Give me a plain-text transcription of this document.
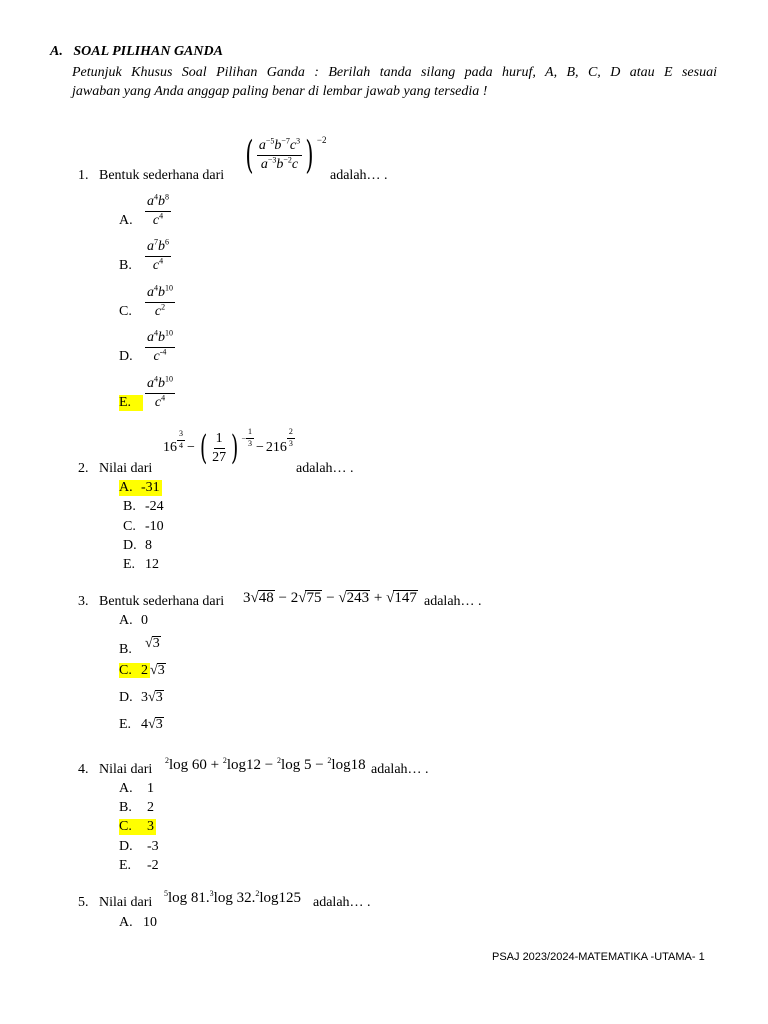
A. SOAL PILIHAN GANDA
Petunjuk Khusus Soal Pilihan Ganda : Berilah tanda silang pada huruf, A, B, C, D atau E sesuai
jawaban yang Anda anggap paling benar di lembar jawab yang tersedia !
1. Bentuk sederhana dari ( $\frac{a^{-5}b^{-7}c^3}{a^{-3}b^{-2}c}$ ) −2
adalah… .
A. $\frac{a^4b^8}{c^4}$
B. $\frac{a^7b^6}{c^4}$
C. $\frac{a^4b^{10}}{c^2}$
D. $\frac{a^4b^{10}}{c^{-4}}$
E. $\frac{a^4b^{10}}{c^4}$
2. Nilai dari
$16 \frac{3}{4}$ − ( $\frac{1}{27}$ ) − $\frac{1}{3} - 216 \frac{2}{3}$
adalah… .
A. -31
B. -24
C. -10
D. 8
E. 12
3. Bentuk sederhana dari 3√48 − 2√75 − √243 + √147 adalah… .
A. 0
B. √3
C. 2 √3
D. 3√3
E. 4√3
4. Nilai dari
$^2$log 60 + $^2$log12 − $^2$log 5 − $^2$log18 adalah… .
A. 1
B. 2
C. 3
D. -3
E. -2
5. Nilai dari
$^5$log 81.$^3$log 32.$^2$log125 adalah… .
A. 10
PSAJ 2023/2024-MATEMATIKA -UTAMA- 1
